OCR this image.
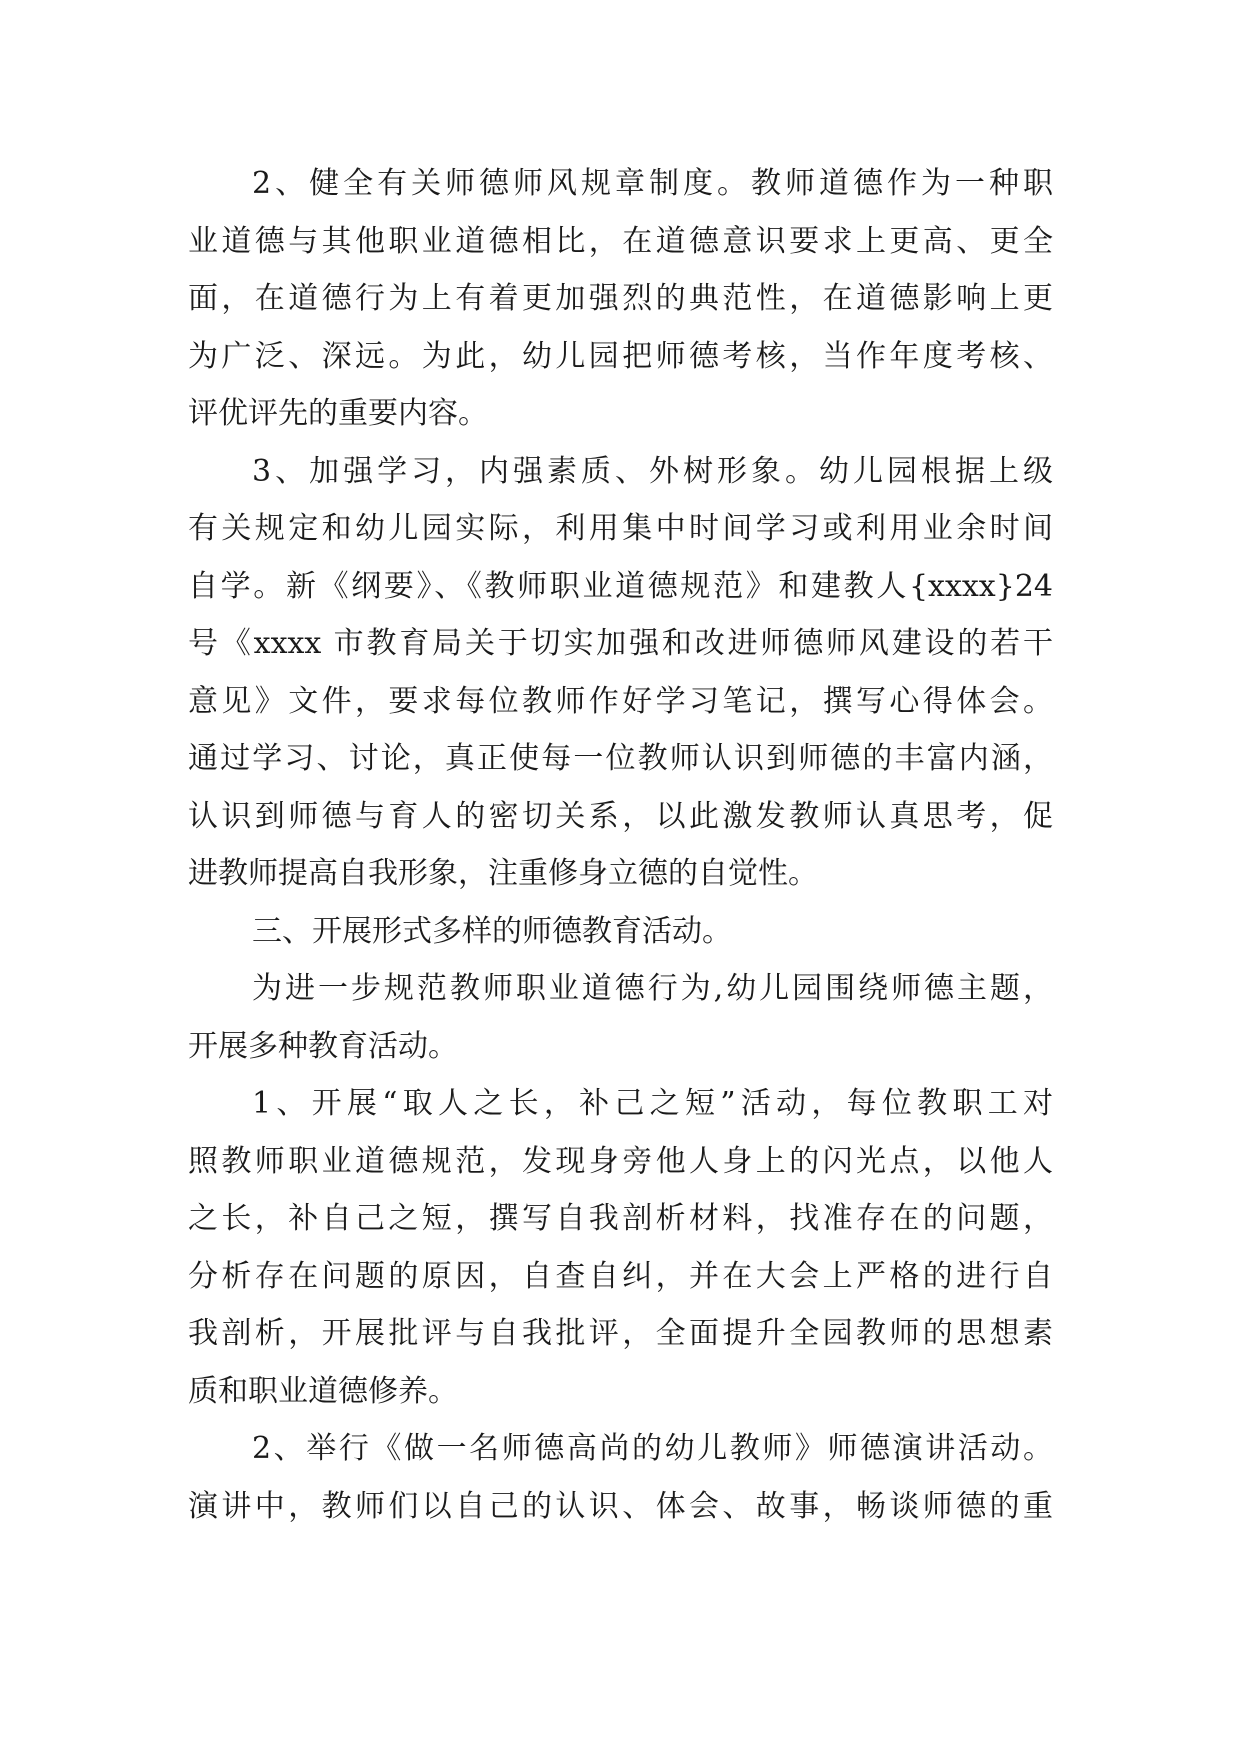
2、健全有关师德师风规章制度。教师道德作为一种职
业道德与其他职业道德相比，在道德意识要求上更高、更全
面，在道德行为上有着更加强烈的典范性，在道德影响上更
为广泛、深远。为此，幼儿园把师德考核，当作年度考核、
评优评先的重要内容。
3、加强学习，内强素质、外树形象。幼儿园根据上级
有关规定和幼儿园实际，利用集中时间学习或利用业余时间
自学。新《纲要》、《教师职业道德规范》和建教人{xxxx}24
号《xxxx 市教育局关于切实加强和改进师德师风建设的若干
意见》文件，要求每位教师作好学习笔记，撰写心得体会。
通过学习、讨论，真正使每一位教师认识到师德的丰富内涵，
认识到师德与育人的密切关系，以此激发教师认真思考，促
进教师提高自我形象，注重修身立德的自觉性。
三、开展形式多样的师德教育活动。
为进一步规范教师职业道德行为,幼儿园围绕师德主题，
开展多种教育活动。
1、开展“取人之长，补己之短”活动，每位教职工对
照教师职业道德规范，发现身旁他人身上的闪光点，以他人
之长，补自己之短，撰写自我剖析材料，找准存在的问题，
分析存在问题的原因，自查自纠，并在大会上严格的进行自
我剖析，开展批评与自我批评，全面提升全园教师的思想素
质和职业道德修养。
2、举行《做一名师德高尚的幼儿教师》师德演讲活动。
演讲中，教师们以自己的认识、体会、故事，畅谈师德的重
